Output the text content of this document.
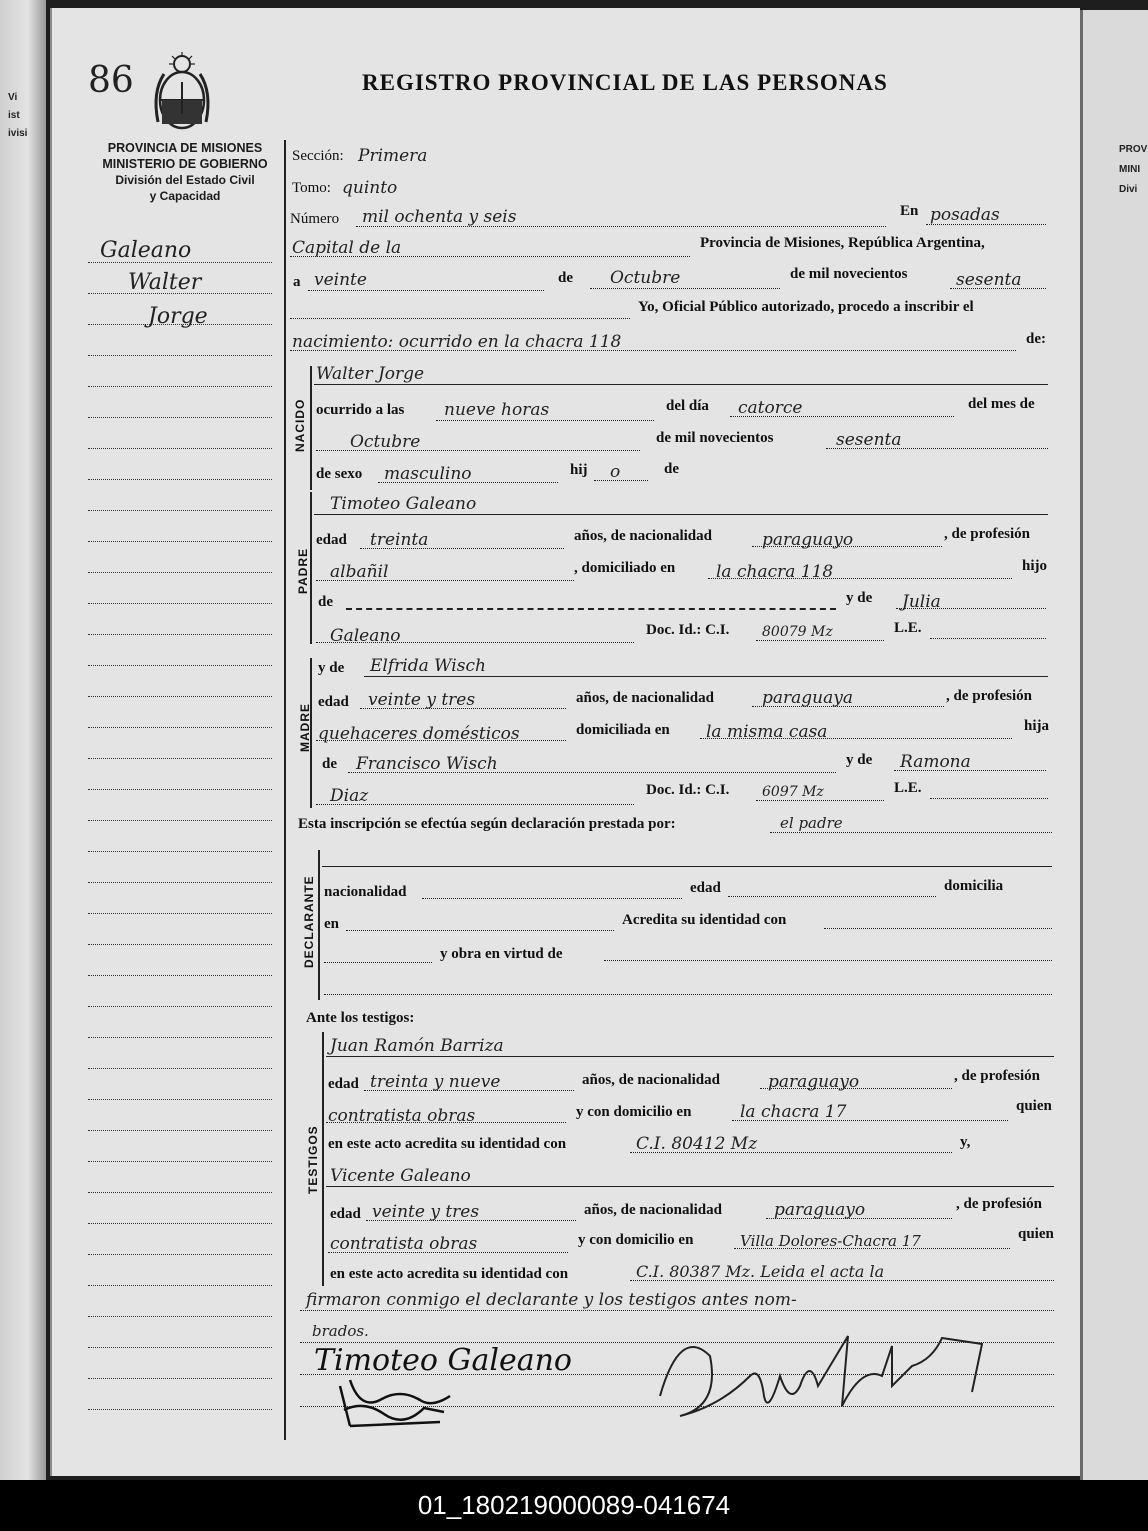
Vi
ist
ivisi
PROV
MINI
Divi
86	REGISTRO PROVINCIAL DE LAS PERSONAS
PROVINCIA DE MISIONES
MINISTERIO DE GOBIERNO
División del Estado Civil
y Capacidad
Galeano
Walter
Jorge
Sección: Primera
Tomo: quinto
Número mil ochenta y seis	En posadas
Capital de la	Provincia de Misiones, República Argentina,
a veinte	de Octubre	de mil novecientos	sesenta
Yo, Oficial Público autorizado, procedo a inscribir el
nacimiento: ocurrido en la chacra 118	de:
NACIDO
Walter Jorge
ocurrido a las nueve horas	del día catorce	del mes de
Octubre	de mil novecientos	sesenta
de sexo masculino	hij o	de
PADRE
Timoteo Galeano
edad treinta	años, de nacionalidad	paraguayo	, de profesión
albañil	, domiciliado en la chacra 118	hijo
de	y de Julia
Galeano	Doc. Id.: C.I. 80079 Mz	L.E.
MADRE
y de Elfrida Wisch
edad veinte y tres	años, de nacionalidad	paraguaya	, de profesión
quehaceres domésticos	domiciliada en la misma casa	hija
de Francisco Wisch	y de Ramona
Diaz	Doc. Id.: C.I. 6097 Mz	L.E.
Esta inscripción se efectúa según declaración prestada por:	el padre
DECLARANTE nacionalidad	edad	domicilia
en	Acredita su identidad con
y obra en virtud de
Ante los testigos:
TESTIGOS
Juan Ramón Barriza
edad treinta y nueve	años, de nacionalidad	paraguayo	, de profesión
contratista obras	y con domicilio en	la chacra 17	quien
en este acto acredita su identidad con	C.I. 80412 Mz	y,
Vicente Galeano
edad veinte y tres	años, de nacionalidad	paraguayo	, de profesión
contratista obras	y con domicilio en	Villa Dolores-Chacra 17	quien
en este acto acredita su identidad con	C.I. 80387 Mz. Leida el acta la
firmaron conmigo el declarante y los testigos antes nom-
brados.
Timoteo Galeano
01_180219000089-041674
